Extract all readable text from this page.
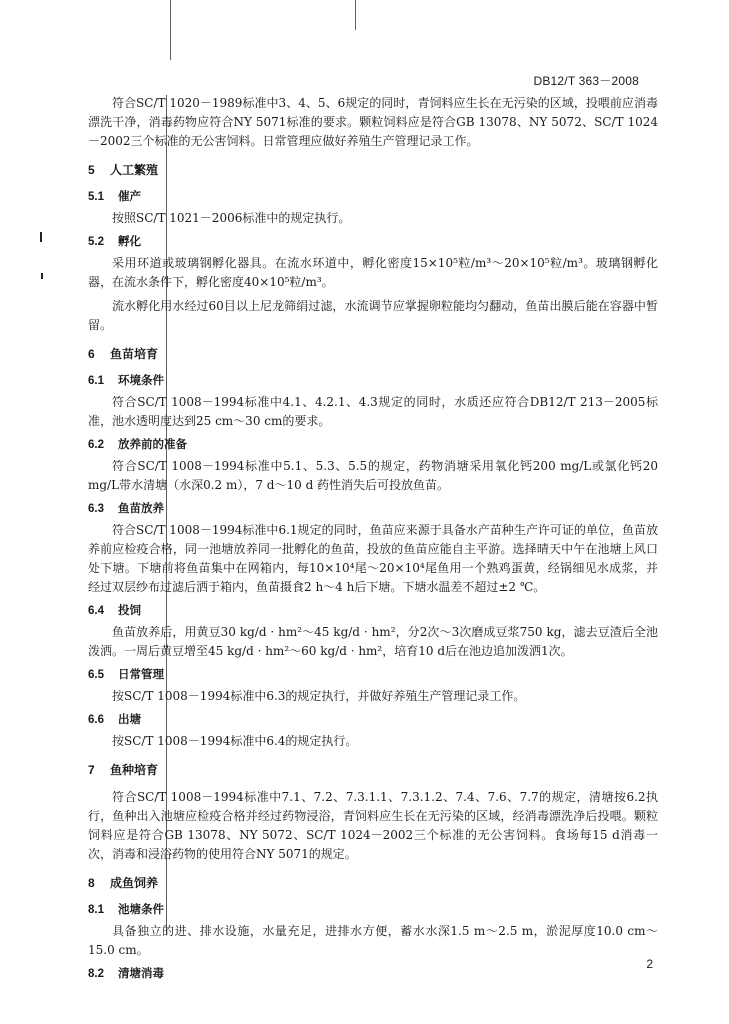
DB12/T 363－2008

符合SC/T 1020－1989标准中3、4、5、6规定的同时，青饲料应生长在无污染的区域，投喂前应消毒漂洗干净，消毒药物应符合NY 5071标准的要求。颗粒饲料应是符合GB 13078、NY 5072、SC/T 1024－2002三个标准的无公害饲料。日常管理应做好养殖生产管理记录工作。

5 人工繁殖
5.1 催产

按照SC/T 1021－2006标准中的规定执行。

5.2 孵化

采用环道或玻璃钢孵化器具。在流水环道中，孵化密度15×10⁵粒/m³～20×10⁵粒/m³。玻璃钢孵化器，在流水条件下，孵化密度40×10⁵粒/m³。

流水孵化用水经过60目以上尼龙筛绢过滤，水流调节应掌握卵粒能均匀翻动，鱼苗出膜后能在容器中暂留。

6 鱼苗培育
6.1 环境条件

符合SC/T 1008－1994标准中4.1、4.2.1、4.3规定的同时，水质还应符合DB12/T 213－2005标准，池水透明度达到25 cm～30 cm的要求。

6.2 放养前的准备

符合SC/T 1008－1994标准中5.1、5.3、5.5的规定，药物消塘采用氧化钙200 mg/L或氯化钙20 mg/L带水清塘（水深0.2 m），7 d～10 d 药性消失后可投放鱼苗。

6.3 鱼苗放养

符合SC/T 1008－1994标准中6.1规定的同时，鱼苗应来源于具备水产苗种生产许可证的单位，鱼苗放养前应检疫合格，同一池塘放养同一批孵化的鱼苗，投放的鱼苗应能自主平游。选择晴天中午在池塘上风口处下塘。下塘前将鱼苗集中在网箱内，每10×10⁴尾～20×10⁴尾鱼用一个熟鸡蛋黄，经锅细见水成浆，并经过双层纱布过滤后洒于箱内，鱼苗摄食2 h～4 h后下塘。下塘水温差不超过±2 ℃。

6.4 投饲

鱼苗放养后，用黄豆30 kg/d · hm²～45 kg/d · hm²，分2次～3次磨成豆浆750 kg，滤去豆渣后全池泼洒。一周后黄豆增至45 kg/d · hm²～60 kg/d · hm²，培育10 d后在池边追加泼洒1次。

6.5 日常管理

按SC/T 1008－1994标准中6.3的规定执行，并做好养殖生产管理记录工作。

6.6 出塘

按SC/T 1008－1994标准中6.4的规定执行。

7 鱼种培育

符合SC/T 1008－1994标准中7.1、7.2、7.3.1.1、7.3.1.2、7.4、7.6、7.7的规定，清塘按6.2执行，鱼种出入池塘应检疫合格并经过药物浸浴，青饲料应生长在无污染的区域，经消毒漂洗净后投喂。颗粒饲料应是符合GB 13078、NY 5072、SC/T 1024－2002三个标准的无公害饲料。食场每15 d消毒一次，消毒和浸浴药物的使用符合NY 5071的规定。

8 成鱼饲养
8.1 池塘条件

具备独立的进、排水设施，水量充足，进排水方便，蓄水水深1.5 m～2.5 m，淤泥厚度10.0 cm～15.0 cm。

8.2 清塘消毒
2
